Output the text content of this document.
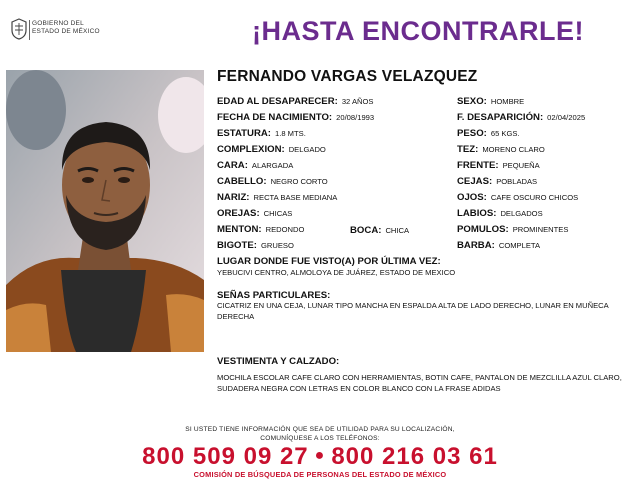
GOBIERNO DEL
ESTADO DE MÉXICO	¡HASTA ENCONTRARLE!
FERNANDO VARGAS VELAZQUEZ
EDAD AL DESAPARECER: 32 AÑOS
FECHA DE NACIMIENTO: 20/08/1993
ESTATURA: 1.8 MTS.
COMPLEXION: DELGADO
CARA: ALARGADA
CABELLO: NEGRO CORTO
NARIZ: RECTA BASE MEDIANA
OREJAS: CHICAS
MENTON: REDONDO
BIGOTE: GRUESO
BOCA: CHICA
SEXO: HOMBRE
F. DESAPARICIÓN: 02/04/2025
PESO: 65 KGS.
TEZ: MORENO CLARO
FRENTE: PEQUEÑA
CEJAS: POBLADAS
OJOS: CAFE OSCURO CHICOS
LABIOS: DELGADOS
POMULOS: PROMINENTES
BARBA: COMPLETA
LUGAR DONDE FUE VISTO(A) POR ÚLTIMA VEZ:
YEBUCIVI CENTRO, ALMOLOYA DE JUÁREZ, ESTADO DE MEXICO
SEÑAS PARTICULARES:
CICATRIZ EN UNA CEJA, LUNAR TIPO MANCHA EN ESPALDA ALTA DE LADO DERECHO, LUNAR EN MUÑECA DERECHA
VESTIMENTA Y CALZADO:
MOCHILA ESCOLAR CAFE CLARO CON HERRAMIENTAS, BOTIN CAFE, PANTALON DE MEZCLILLA AZUL CLARO, SUDADERA NEGRA CON LETRAS EN COLOR BLANCO CON LA FRASE ADIDAS
SI USTED TIENE INFORMACIÓN QUE SEA DE UTILIDAD PARA SU LOCALIZACIÓN,
COMUNÍQUESE A LOS TELÉFONOS:
800 509 09 27 ● 800 216 03 61
COMISIÓN DE BÚSQUEDA DE PERSONAS DEL ESTADO DE MÉXICO
